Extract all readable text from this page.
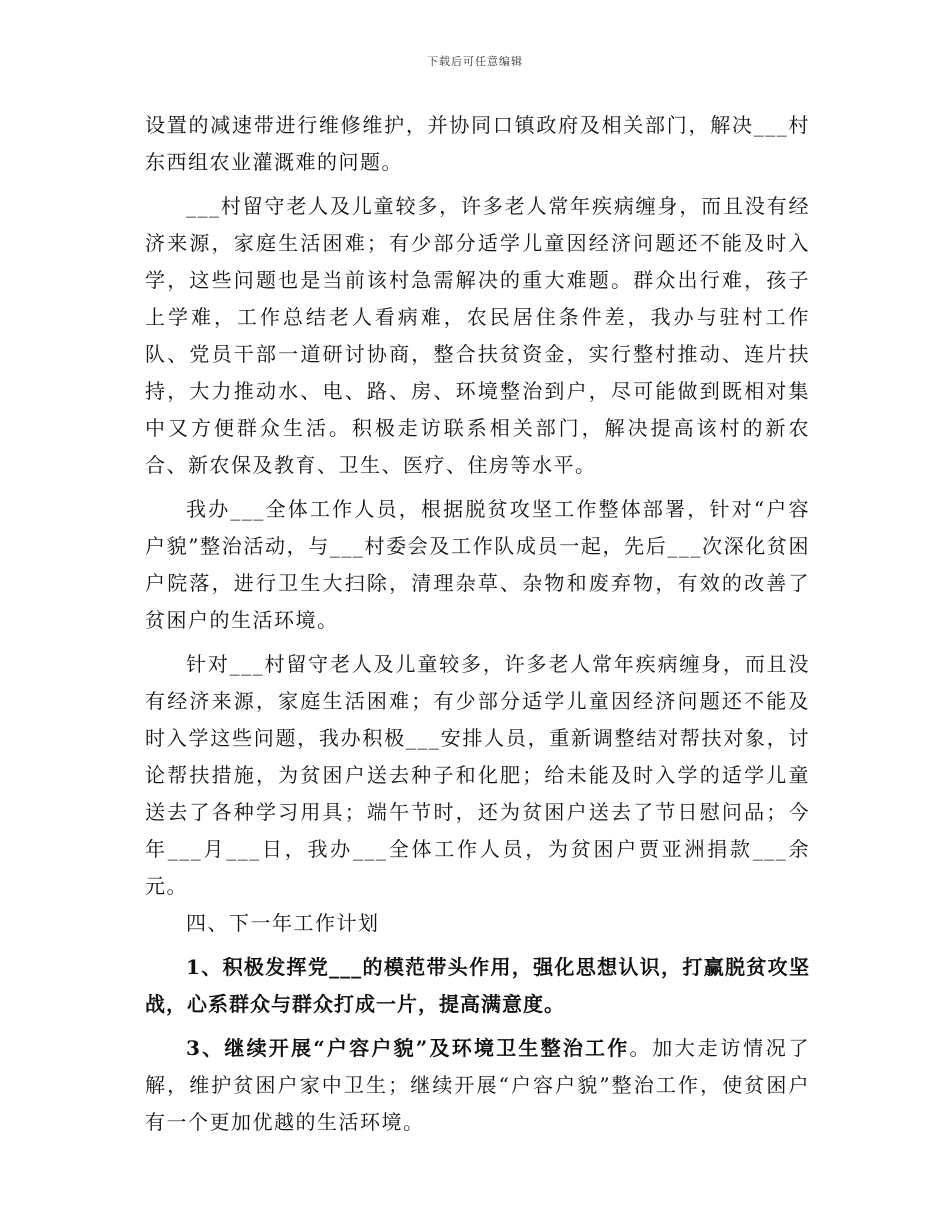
下载后可任意编辑

设置的减速带进行维修维护，并协同口镇政府及相关部门，解决___村东西组农业灌溉难的问题。

___村留守老人及儿童较多，许多老人常年疾病缠身，而且没有经济来源，家庭生活困难；有少部分适学儿童因经济问题还不能及时入学，这些问题也是当前该村急需解决的重大难题。群众出行难，孩子上学难，工作总结老人看病难，农民居住条件差，我办与驻村工作队、党员干部一道研讨协商，整合扶贫资金，实行整村推动、连片扶持，大力推动水、电、路、房、环境整治到户，尽可能做到既相对集中又方便群众生活。积极走访联系相关部门，解决提高该村的新农合、新农保及教育、卫生、医疗、住房等水平。

我办___全体工作人员，根据脱贫攻坚工作整体部署，针对“户容户貌”整治活动，与___村委会及工作队成员一起，先后___次深化贫困户院落，进行卫生大扫除，清理杂草、杂物和废弃物，有效的改善了贫困户的生活环境。

针对___村留守老人及儿童较多，许多老人常年疾病缠身，而且没有经济来源，家庭生活困难；有少部分适学儿童因经济问题还不能及时入学这些问题，我办积极___安排人员，重新调整结对帮扶对象，讨论帮扶措施，为贫困户送去种子和化肥；给未能及时入学的适学儿童送去了各种学习用具；端午节时，还为贫困户送去了节日慰问品；今年___月___日，我办___全体工作人员，为贫困户贾亚洲捐款___余元。

四、下一年工作计划

1、积极发挥党___的模范带头作用，强化思想认识，打赢脱贫攻坚战，心系群众与群众打成一片，提高满意度。

3、继续开展“户容户貌”及环境卫生整治工作。加大走访情况了解，维护贫困户家中卫生；继续开展“户容户貌”整治工作，使贫困户有一个更加优越的生活环境。
